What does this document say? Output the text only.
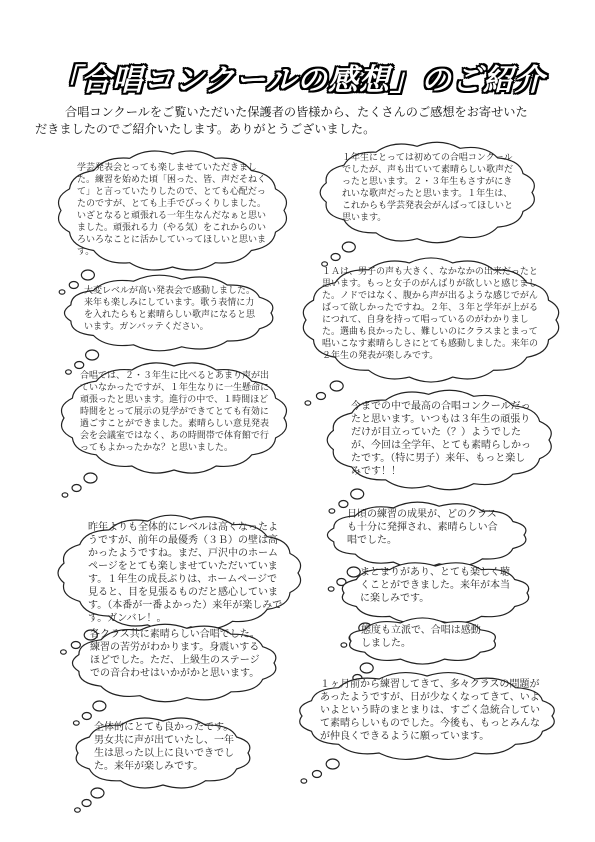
「合唱コンクールの感想」のご紹介
合唱コンクールをご覧いただいた保護者の皆様から、たくさんのご感想をお寄せいた
だきましたのでご紹介いたします。ありがとうございました。
学芸発表会とっても楽しませていただきました。練習を始めた頃「困った、皆、声だそねくて」と言っていたりしたので、とても心配だったのですが、とても上手でびっくりしました。いざとなると頑張れる一年生なんだなぁと思いました。頑張れる力（やる気）をこれからのいろいろなことに活かしていってほしいと思います。
１年生にとっては初めての合唱コンクールでしたが、声も出ていて素晴らしい歌声だったと思います。２・３年生もさすがにきれいな歌声だったと思います。１年生は、これからも学芸発表会がんばってほしいと思います。
大変レベルが高い発表会で感動しました。来年も楽しみにしています。歌う表情に力を入れたらもと素晴らしい歌声になると思います。ガンバッテください。
１Ａは、男子の声も大きく、なかなかの出来だったと思います。もっと女子のがんばりが欲しいと感じました。ノドではなく、腹から声が出るような感じでがんばって欲しかったですね。２年、３年と学年が上がるにつれて、自身を持って唱っているのがわかりました。選曲も良かったし、難しいのにクラスまとまって唱いこなす素晴らしさにとても感動しました。来年の２年生の発表が楽しみです。
合唱では、２・３年生に比べるとあまり声が出ていなかったですが、１年生なりに一生懸命に頑張ったと思います。進行の中で、１時間ほど時間をとって展示の見学ができてとても有効に過ごすことができました。素晴らしい意見発表会を会議室ではなく、あの時間帯で体育館で行ってもよかったかな？と思いました。
今までの中で最高の合唱コンクールだったと思います。いつもは３年生の頑張りだけが目立っていた（？）ようでしたが、今回は全学年、とても素晴らしかったです。（特に男子）来年、もっと楽しみです！！
昨年よりも全体的にレベルは高くなったようですが、前年の最優秀（３Ｂ）の壁は高かったようですね。まだ、戸沢中のホームページをとても楽しませていただいています。１年生の成長ぶりは、ホームページで見ると、目を見張るものだと感心しています。（本番が一番よかった）来年が楽しみです。ガンバレ！。
日頃の練習の成果が、どのクラスも十分に発揮され、素晴らしい合唱でした。
まとまりがあり、とても楽しく聴くことができました。来年が本当に楽しみです。
態度も立派で、合唱は感動しました。
各クラス共に素晴らしい合唱でした。練習の苦労がわかります。身震いするほどでした。ただ、上級生のステージでの音合わせはいかがかと思います。
１ヶ月前から練習してきて、多々クラスの問題があったようですが、日が少なくなってきて、いよいよという時のまとまりは、すごく急統合していて素晴らしいものでした。今後も、もっとみんなが仲良くできるように願っています。
全体的にとても良かったです。男女共に声が出ていたし、一年生は思った以上に良いできでした。来年が楽しみです。
